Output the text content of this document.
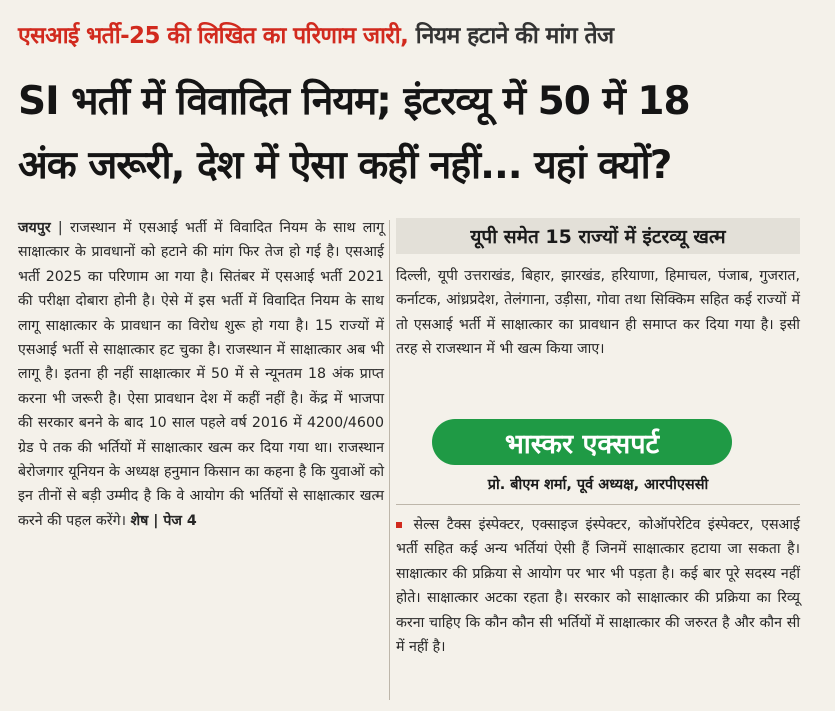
एसआई भर्ती-25 की लिखित का परिणाम जारी, नियम हटाने की मांग तेज
SI भर्ती में विवादित नियम; इंटरव्यू में 50 में 18
अंक जरूरी, देश में ऐसा कहीं नहीं... यहां क्यों?
जयपुर | राजस्थान में एसआई भर्ती में विवादित नियम के साथ लागू साक्षात्कार के प्रावधानों को हटाने की मांग फिर तेज हो गई है। एसआई भर्ती 2025 का परिणाम आ गया है। सितंबर में एसआई भर्ती 2021 की परीक्षा दोबारा होनी है। ऐसे में इस भर्ती में विवादित नियम के साथ लागू साक्षात्कार के प्रावधान का विरोध शुरू हो गया है। 15 राज्यों में एसआई भर्ती से साक्षात्कार हट चुका है। राजस्थान में साक्षात्कार अब भी लागू है। इतना ही नहीं साक्षात्कार में 50 में से न्यूनतम 18 अंक प्राप्त करना भी जरूरी है। ऐसा प्रावधान देश में कहीं नहीं है। केंद्र में भाजपा की सरकार बनने के बाद 10 साल पहले वर्ष 2016 में 4200/4600 ग्रेड पे तक की भर्तियों में साक्षात्कार खत्म कर दिया गया था। राजस्थान बेरोजगार यूनियन के अध्यक्ष हनुमान किसान का कहना है कि युवाओं को इन तीनों से बड़ी उम्मीद है कि वे आयोग की भर्तियों से साक्षात्कार खत्म करने की पहल करेंगे। शेष | पेज 4
यूपी समेत 15 राज्यों में इंटरव्यू खत्म
दिल्ली, यूपी उत्तराखंड, बिहार, झारखंड, हरियाणा, हिमाचल, पंजाब, गुजरात, कर्नाटक, आंध्रप्रदेश, तेलंगाना, उड़ीसा, गोवा तथा सिक्किम सहित कई राज्यों में तो एसआई भर्ती में साक्षात्कार का प्रावधान ही समाप्त कर दिया गया है। इसी तरह से राजस्थान में भी खत्म किया जाए।
भास्कर एक्सपर्ट
प्रो. बीएम शर्मा, पूर्व अध्यक्ष, आरपीएससी
सेल्स टैक्स इंस्पेक्टर, एक्साइज इंस्पेक्टर, कोऑपरेटिव इंस्पेक्टर, एसआई भर्ती सहित कई अन्य भर्तियां ऐसी हैं जिनमें साक्षात्कार हटाया जा सकता है। साक्षात्कार की प्रक्रिया से आयोग पर भार भी पड़ता है। कई बार पूरे सदस्य नहीं होते। साक्षात्कार अटका रहता है। सरकार को साक्षात्कार की प्रक्रिया का रिव्यू करना चाहिए कि कौन कौन सी भर्तियों में साक्षात्कार की जरुरत है और कौन सी में नहीं है।
